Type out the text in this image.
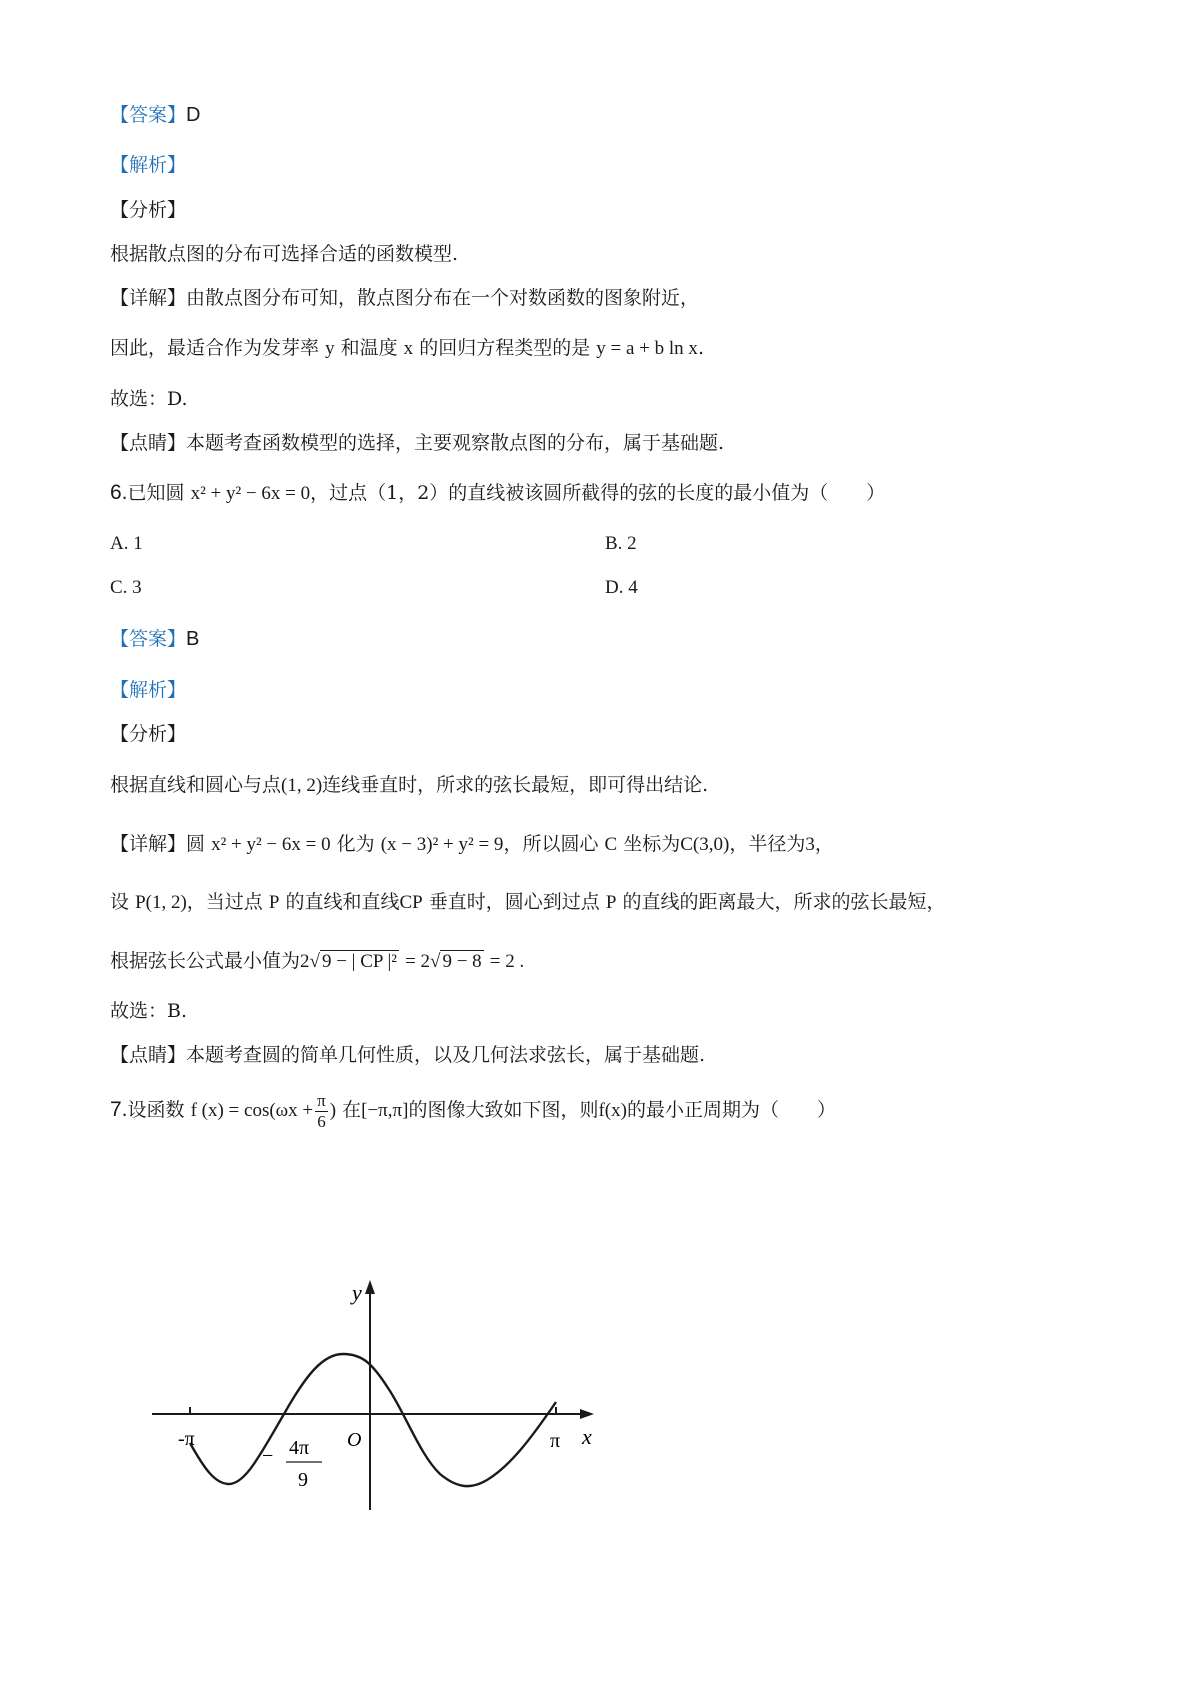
【答案】D
【解析】
【分析】
根据散点图的分布可选择合适的函数模型.
【详解】由散点图分布可知，散点图分布在一个对数函数的图象附近，
因此，最适合作为发芽率 y 和温度 x 的回归方程类型的是 y = a + b ln x.
故选：D.
【点睛】本题考查函数模型的选择，主要观察散点图的分布，属于基础题.
6.已知圆 x² + y² − 6x = 0，过点（1，2）的直线被该圆所截得的弦的长度的最小值为（　　）
A. 1	B. 2
C. 3	D. 4
【答案】B
【解析】
【分析】
根据直线和圆心与点(1, 2)连线垂直时，所求的弦长最短，即可得出结论.
【详解】圆 x² + y² − 6x = 0 化为 (x − 3)² + y² = 9，所以圆心 C 坐标为C(3,0)，半径为3，
设 P(1, 2)，当过点 P 的直线和直线CP 垂直时，圆心到过点 P 的直线的距离最大，所求的弦长最短，
根据弦长公式最小值为2√ 9 − | CP |² = 2√ 9 − 8 = 2 .
故选：B.
【点睛】本题考查圆的简单几何性质，以及几何法求弦长，属于基础题.
7.设函数 f $(x) = \cos(\omega x + \frac{\pi}{6}$ ) 在[−π,π]的图像大致如下图，则f(x)的最小正周期为（　　）
y
x
O
-π	π
− 4π
9
